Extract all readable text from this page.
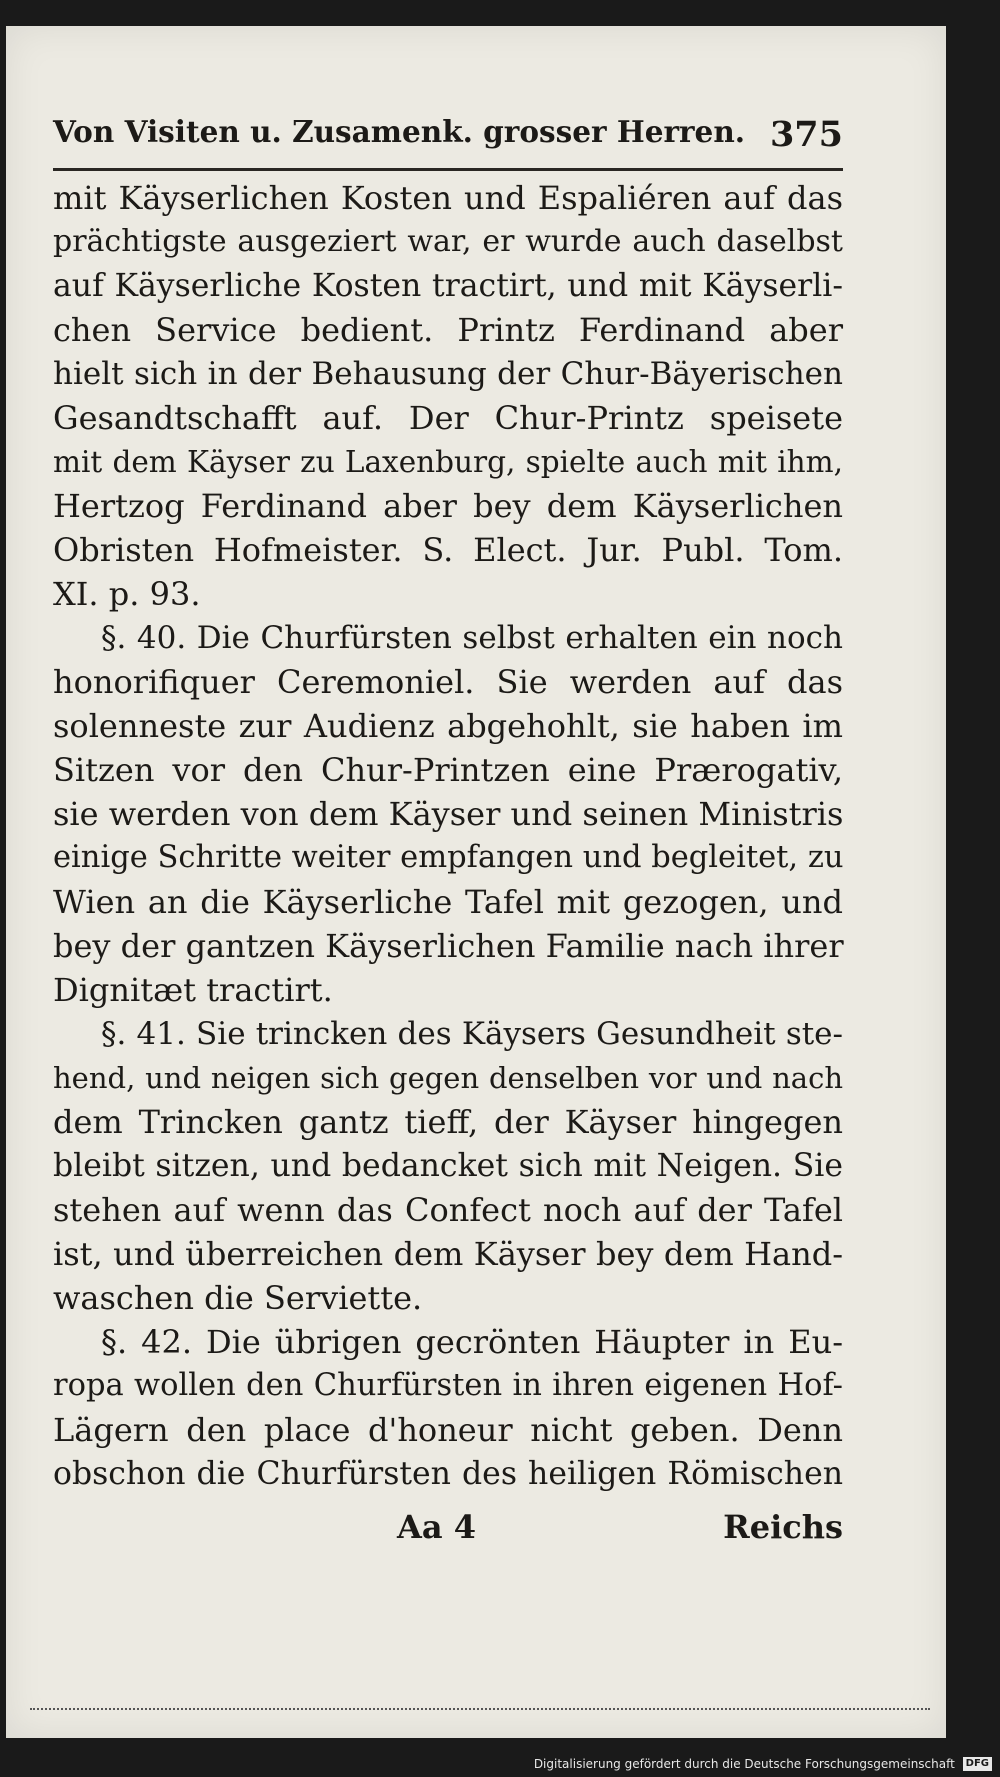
Von Visiten u. Zusamenk. grosser Herren. 375
mit Käyserlichen Kosten und Espaliéren auf das
prächtigste ausgeziert war, er wurde auch daselbst
auf Käyserliche Kosten tractirt, und mit Käyserli-
chen Service bedient. Printz Ferdinand aber
hielt sich in der Behausung der Chur-Bäyerischen
Gesandtschafft auf. Der Chur-Printz speisete
mit dem Käyser zu Laxenburg, spielte auch mit ihm,
Hertzog Ferdinand aber bey dem Käyserlichen
Obristen Hofmeister. S. Elect. Jur. Publ. Tom.
XI. p. 93.
§. 40. Die Churfürsten selbst erhalten ein noch
honorifiquer Ceremoniel. Sie werden auf das
solenneste zur Audienz abgehohlt, sie haben im
Sitzen vor den Chur-Printzen eine Prærogativ,
sie werden von dem Käyser und seinen Ministris
einige Schritte weiter empfangen und begleitet, zu
Wien an die Käyserliche Tafel mit gezogen, und
bey der gantzen Käyserlichen Familie nach ihrer
Dignitæt tractirt.
§. 41. Sie trincken des Käysers Gesundheit ste-
hend, und neigen sich gegen denselben vor und nach
dem Trincken gantz tieff, der Käyser hingegen
bleibt sitzen, und bedancket sich mit Neigen. Sie
stehen auf wenn das Confect noch auf der Tafel
ist, und überreichen dem Käyser bey dem Hand-
waschen die Serviette.
§. 42. Die übrigen gecrönten Häupter in Eu-
ropa wollen den Churfürsten in ihren eigenen Hof-
Lägern den place d'honeur nicht geben. Denn
obschon die Churfürsten des heiligen Römischen
Aa 4	Reichs
Digitalisierung gefördert durch die Deutsche Forschungsgemeinschaft DFG
